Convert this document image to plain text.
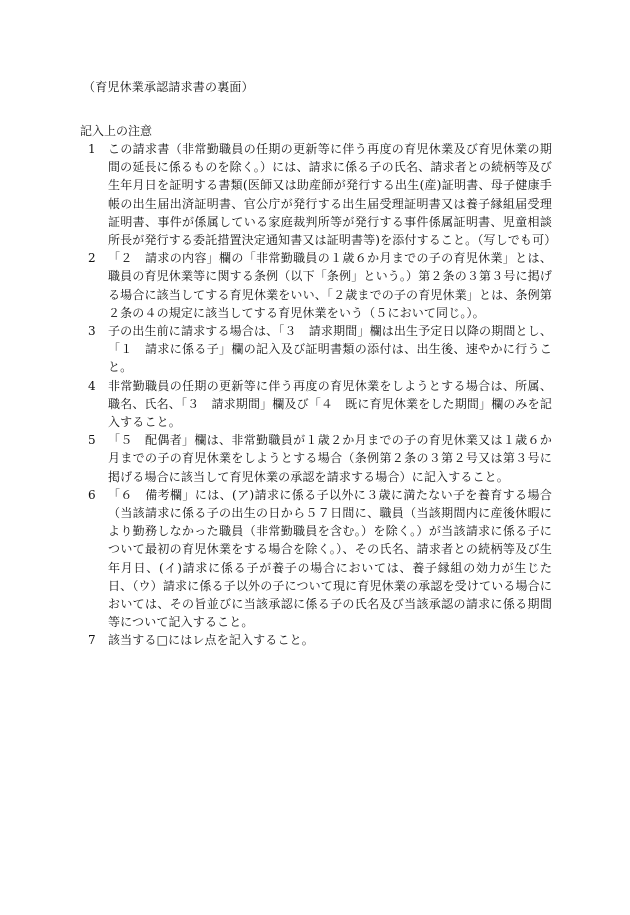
（育児休業承認請求書の裏面）
記入上の注意
1	この請求書（非常勤職員の任期の更新等に伴う再度の育児休業及び育児休業の期間の延長に係るものを除く。）には、請求に係る子の氏名、請求者との続柄等及び生年月日を証明する書類(医師又は助産師が発行する出生(産)証明書、母子健康手帳の出生届出済証明書、官公庁が発行する出生届受理証明書又は養子縁組届受理証明書、事件が係属している家庭裁判所等が発行する事件係属証明書、児童相談所長が発行する委託措置決定通知書又は証明書等)を添付すること。（写しでも可）
2	「２　請求の内容」欄の「非常勤職員の１歳６か月までの子の育児休業」とは、職員の育児休業等に関する条例（以下「条例」という。）第２条の３第３号に掲げる場合に該当してする育児休業をいい、「２歳までの子の育児休業」とは、条例第２条の４の規定に該当してする育児休業をいう（５において同じ。）。
3	子の出生前に請求する場合は、「３　請求期間」欄は出生予定日以降の期間とし、「１　請求に係る子」欄の記入及び証明書類の添付は、出生後、速やかに行うこと。
4	非常勤職員の任期の更新等に伴う再度の育児休業をしようとする場合は、所属、職名、氏名、「３　請求期間」欄及び「４　既に育児休業をした期間」欄のみを記入すること。
5	「５　配偶者」欄は、非常勤職員が１歳２か月までの子の育児休業又は１歳６か月までの子の育児休業をしようとする場合（条例第２条の３第２号又は第３号に掲げる場合に該当して育児休業の承認を請求する場合）に記入すること。
6	「６　備考欄」には、(ア)請求に係る子以外に３歳に満たない子を養育する場合（当該請求に係る子の出生の日から５７日間に、職員（当該期間内に産後休暇により勤務しなかった職員（非常勤職員を含む。）を除く。）が当該請求に係る子について最初の育児休業をする場合を除く。）、その氏名、請求者との続柄等及び生年月日、(イ)請求に係る子が養子の場合においては、養子縁組の効力が生じた日、（ウ）請求に係る子以外の子について現に育児休業の承認を受けている場合においては、その旨並びに当該承認に係る子の氏名及び当該承認の請求に係る期間等について記入すること。
7	該当する□にはレ点を記入すること。
